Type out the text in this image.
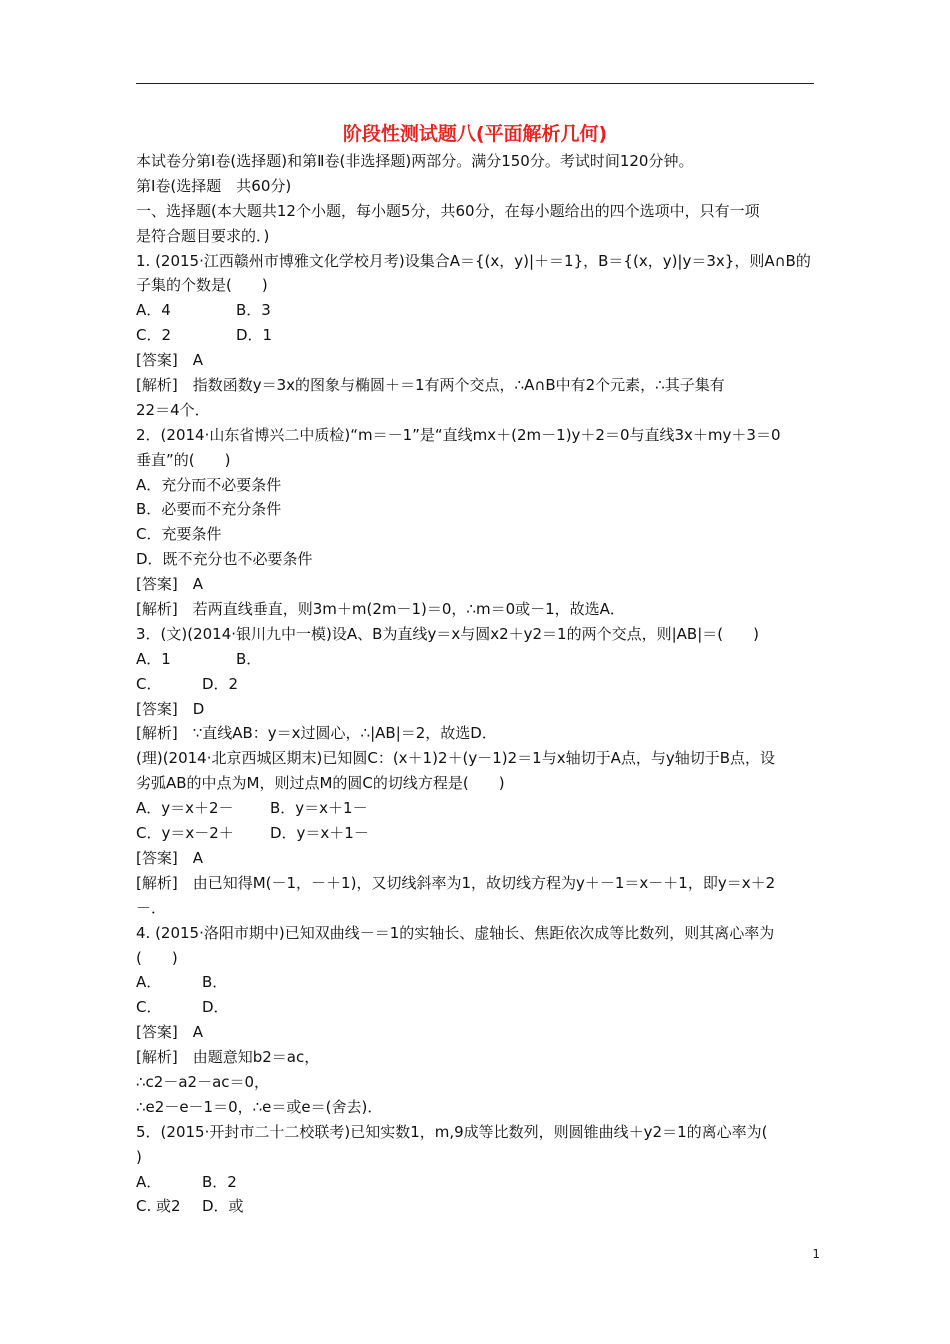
阶段性测试题八(平面解析几何)
本试卷分第Ⅰ卷(选择题)和第Ⅱ卷(非选择题)两部分。满分150分。考试时间120分钟。
第Ⅰ卷(选择题　共60分)
一、选择题(本大题共12个小题，每小题5分，共60分，在每小题给出的四个选项中，只有一项
是符合题目要求的．)
1. (2015·江西赣州市博雅文化学校月考)设集合A＝{(x，y)|＋＝1}，B＝{(x，y)|y＝3x}，则A∩B的
子集的个数是(　　)
A．4	B．3
C．2	D．1
[答案]　A
[解析]　指数函数y＝3x的图象与椭圆＋＝1有两个交点，∴A∩B中有2个元素，∴其子集有
22＝4个．
2．(2014·山东省博兴二中质检)“m＝－1”是“直线mx＋(2m－1)y＋2＝0与直线3x＋my＋3＝0
垂直”的(　　)
A．充分而不必要条件
B．必要而不充分条件
C．充要条件
D．既不充分也不必要条件
[答案]　A
[解析]　若两直线垂直，则3m＋m(2m－1)＝0，∴m＝0或－1，故选A．
3．(文)(2014·银川九中一模)设A、B为直线y＝x与圆x2＋y2＝1的两个交点，则|AB|＝(　　)
A．1	B．
C．	D．2
[答案]　D
[解析]　∵直线AB：y＝x过圆心，∴|AB|＝2，故选D．
(理)(2014·北京西城区期末)已知圆C：(x＋1)2＋(y－1)2＝1与x轴切于A点，与y轴切于B点，设
劣弧AB的中点为M，则过点M的圆C的切线方程是(　　)
A．y＝x＋2－ B．y＝x＋1－
C．y＝x－2＋ D．y＝x＋1－
[答案]　A
[解析]　由已知得M(－1，－＋1)，又切线斜率为1，故切线方程为y＋－1＝x－＋1，即y＝x＋2
－．
4. (2015·洛阳市期中)已知双曲线－＝1的实轴长、虚轴长、焦距依次成等比数列，则其离心率为
(　　)
A．	B．
C．	D．
[答案]　A
[解析]　由题意知b2＝ac，
∴c2－a2－ac＝0，
∴e2－e－1＝0，∴e＝或e＝(舍去)．
5．(2015·开封市二十二校联考)已知实数1，m,9成等比数列，则圆锥曲线＋y2＝1的离心率为(
)
A．	B．2
C. 或2 D．或
1
